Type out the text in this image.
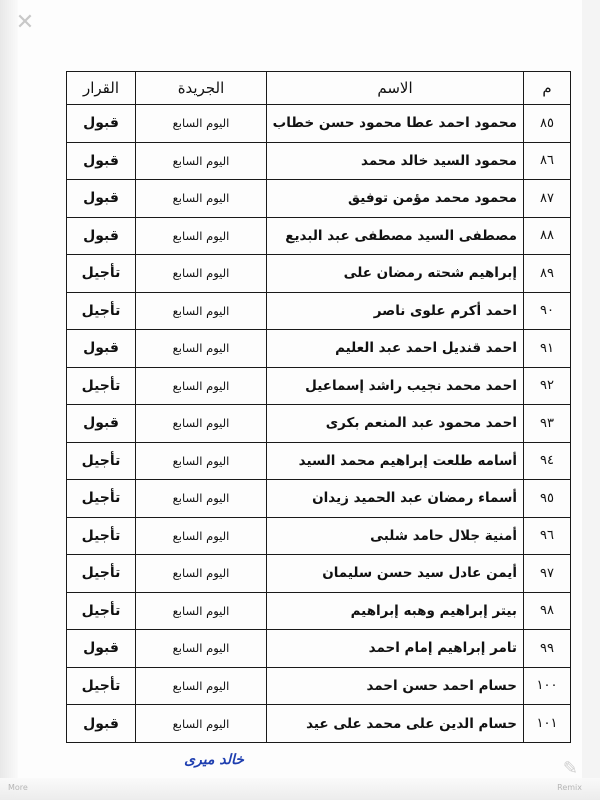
✕
م	الاسم	الجريدة	القرار
٨٥	محمود احمد عطا محمود حسن خطاب	اليوم السابع	قبول
٨٦	محمود السيد خالد محمد	اليوم السابع	قبول
٨٧	محمود محمد مؤمن توفيق	اليوم السابع	قبول
٨٨	مصطفى السيد مصطفى عبد البديع	اليوم السابع	قبول
٨٩	إبراهيم شحته رمضان على	اليوم السابع	تأجيل
٩٠	احمد أكرم علوى ناصر	اليوم السابع	تأجيل
٩١	احمد قنديل احمد عبد العليم	اليوم السابع	قبول
٩٢	احمد محمد نجيب راشد إسماعيل	اليوم السابع	تأجيل
٩٣	احمد محمود عبد المنعم بكرى	اليوم السابع	قبول
٩٤	أسامه طلعت إبراهيم محمد السيد	اليوم السابع	تأجيل
٩٥	أسماء رمضان عبد الحميد زيدان	اليوم السابع	تأجيل
٩٦	أمنية جلال حامد شلبى	اليوم السابع	تأجيل
٩٧	أيمن عادل سيد حسن سليمان	اليوم السابع	تأجيل
٩٨	بيتر إبراهيم وهبه إبراهيم	اليوم السابع	تأجيل
٩٩	تامر إبراهيم إمام احمد	اليوم السابع	قبول
١٠٠	حسام احمد حسن احمد	اليوم السابع	تأجيل
١٠١	حسام الدين على محمد على عيد	اليوم السابع	قبول
خالد ميرى
More
✎
Remix
